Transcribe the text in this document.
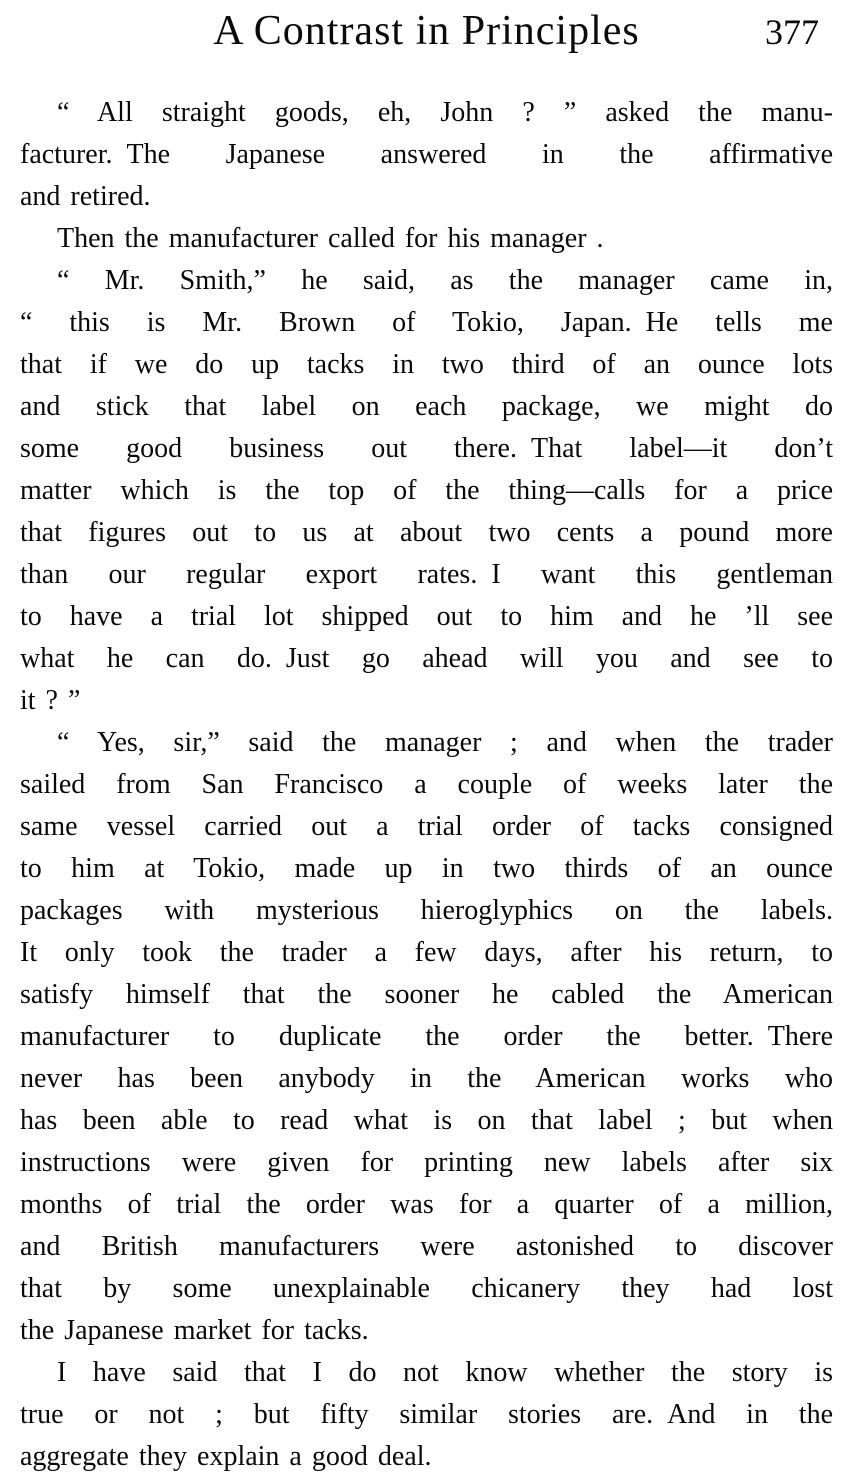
A Contrast in Principles	377
“ All straight goods, eh, John ? ” asked the manu-
facturer. The Japanese answered in the affirmative
and retired.
Then the manufacturer called for his manager .
“ Mr. Smith,” he said, as the manager came in,
“ this is Mr. Brown of Tokio, Japan. He tells me
that if we do up tacks in two third of an ounce lots
and stick that label on each package, we might do
some good business out there. That label—it don’t
matter which is the top of the thing—calls for a price
that figures out to us at about two cents a pound more
than our regular export rates. I want this gentleman
to have a trial lot shipped out to him and he ’ll see
what he can do. Just go ahead will you and see to
it ? ”
“ Yes, sir,” said the manager ; and when the trader
sailed from San Francisco a couple of weeks later the
same vessel carried out a trial order of tacks consigned
to him at Tokio, made up in two thirds of an ounce
packages with mysterious hieroglyphics on the labels.
It only took the trader a few days, after his return, to
satisfy himself that the sooner he cabled the American
manufacturer to duplicate the order the better. There
never has been anybody in the American works who
has been able to read what is on that label ; but when
instructions were given for printing new labels after six
months of trial the order was for a quarter of a million,
and British manufacturers were astonished to discover
that by some unexplainable chicanery they had lost
the Japanese market for tacks.
I have said that I do not know whether the story is
true or not ; but fifty similar stories are. And in the
aggregate they explain a good deal.
